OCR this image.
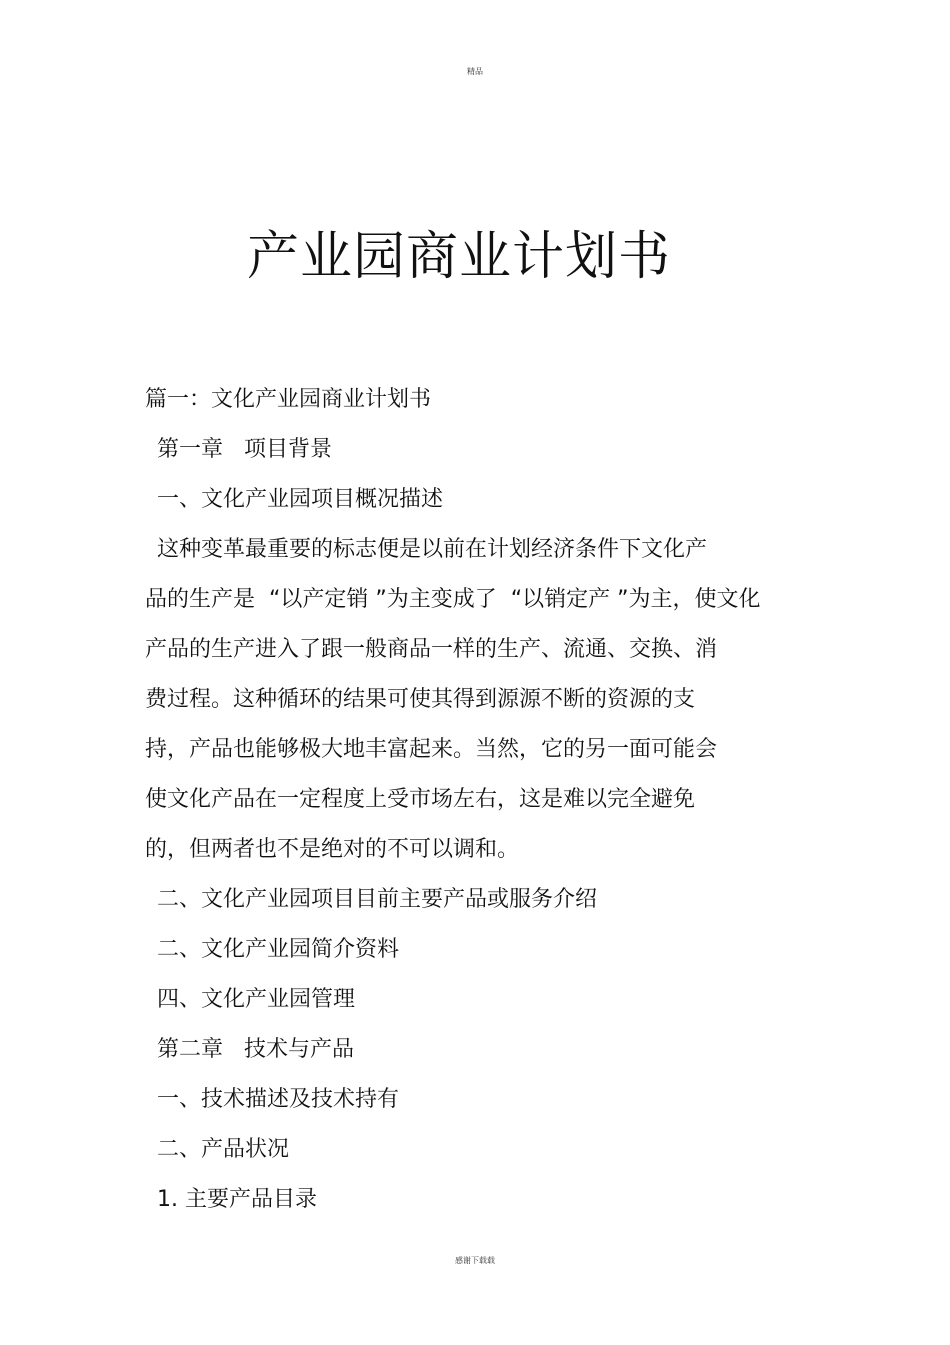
精品
产业园商业计划书
篇一：文化产业园商业计划书
第一章   项目背景
一、文化产业园项目概况描述
这种变革最重要的标志便是以前在计划经济条件下文化产
品的生产是  “以产定销 ”为主变成了  “以销定产 ”为主，使文化
产品的生产进入了跟一般商品一样的生产、流通、交换、消
费过程。这种循环的结果可使其得到源源不断的资源的支
持，产品也能够极大地丰富起来。当然，它的另一面可能会
使文化产品在一定程度上受市场左右，这是难以完全避免
的，但两者也不是绝对的不可以调和。
二、文化产业园项目目前主要产品或服务介绍
二、文化产业园简介资料
四、文化产业园管理
第二章   技术与产品
一、技术描述及技术持有
二、产品状况
1. 主要产品目录
感谢下载载
